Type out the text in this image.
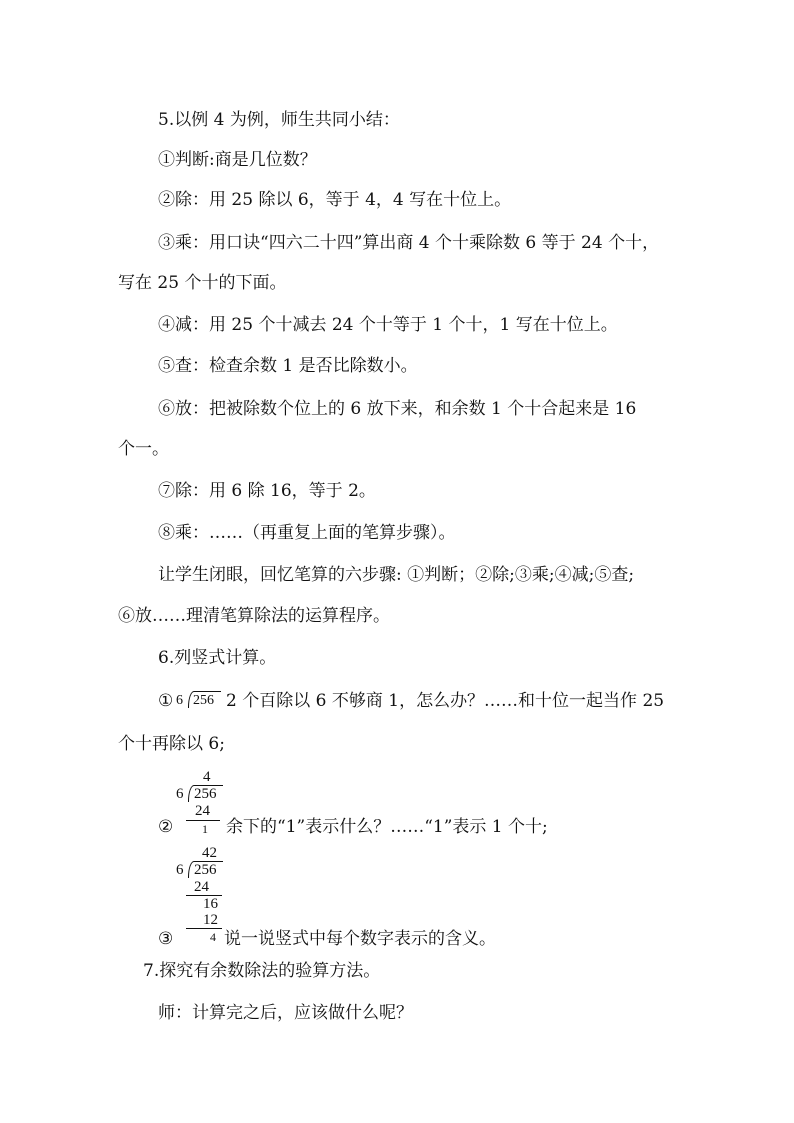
5.以例 4 为例，师生共同小结：
①判断:商是几位数？
②除：用 25 除以 6，等于 4，4 写在十位上。
③乘：用口诀“四六二十四”算出商 4 个十乘除数 6 等于 24 个十，
写在 25 个十的下面。
④减：用 25 个十减去 24 个十等于 1 个十，1 写在十位上。
⑤查：检查余数 1 是否比除数小。
⑥放：把被除数个位上的 6 放下来，和余数 1 个十合起来是 16
个一。
⑦除：用 6 除 16，等于 2。
⑧乘：……（再重复上面的笔算步骤）。
让学生闭眼，回忆笔算的六步骤: ①判断；②除;③乘;④减;⑤查;
⑥放……理清笔算除法的运算程序。
6.列竖式计算。
① 6 256 2 个百除以 6 不够商 1，怎么办？……和十位一起当作 25
个十再除以 6;
4
6 256
24
1
②	余下的“1”表示什么？……“1”表示 1 个十;
42
6 256
24
16
12
4
③	说一说竖式中每个数字表示的含义。
7.探究有余数除法的验算方法。
师：计算完之后，应该做什么呢？
